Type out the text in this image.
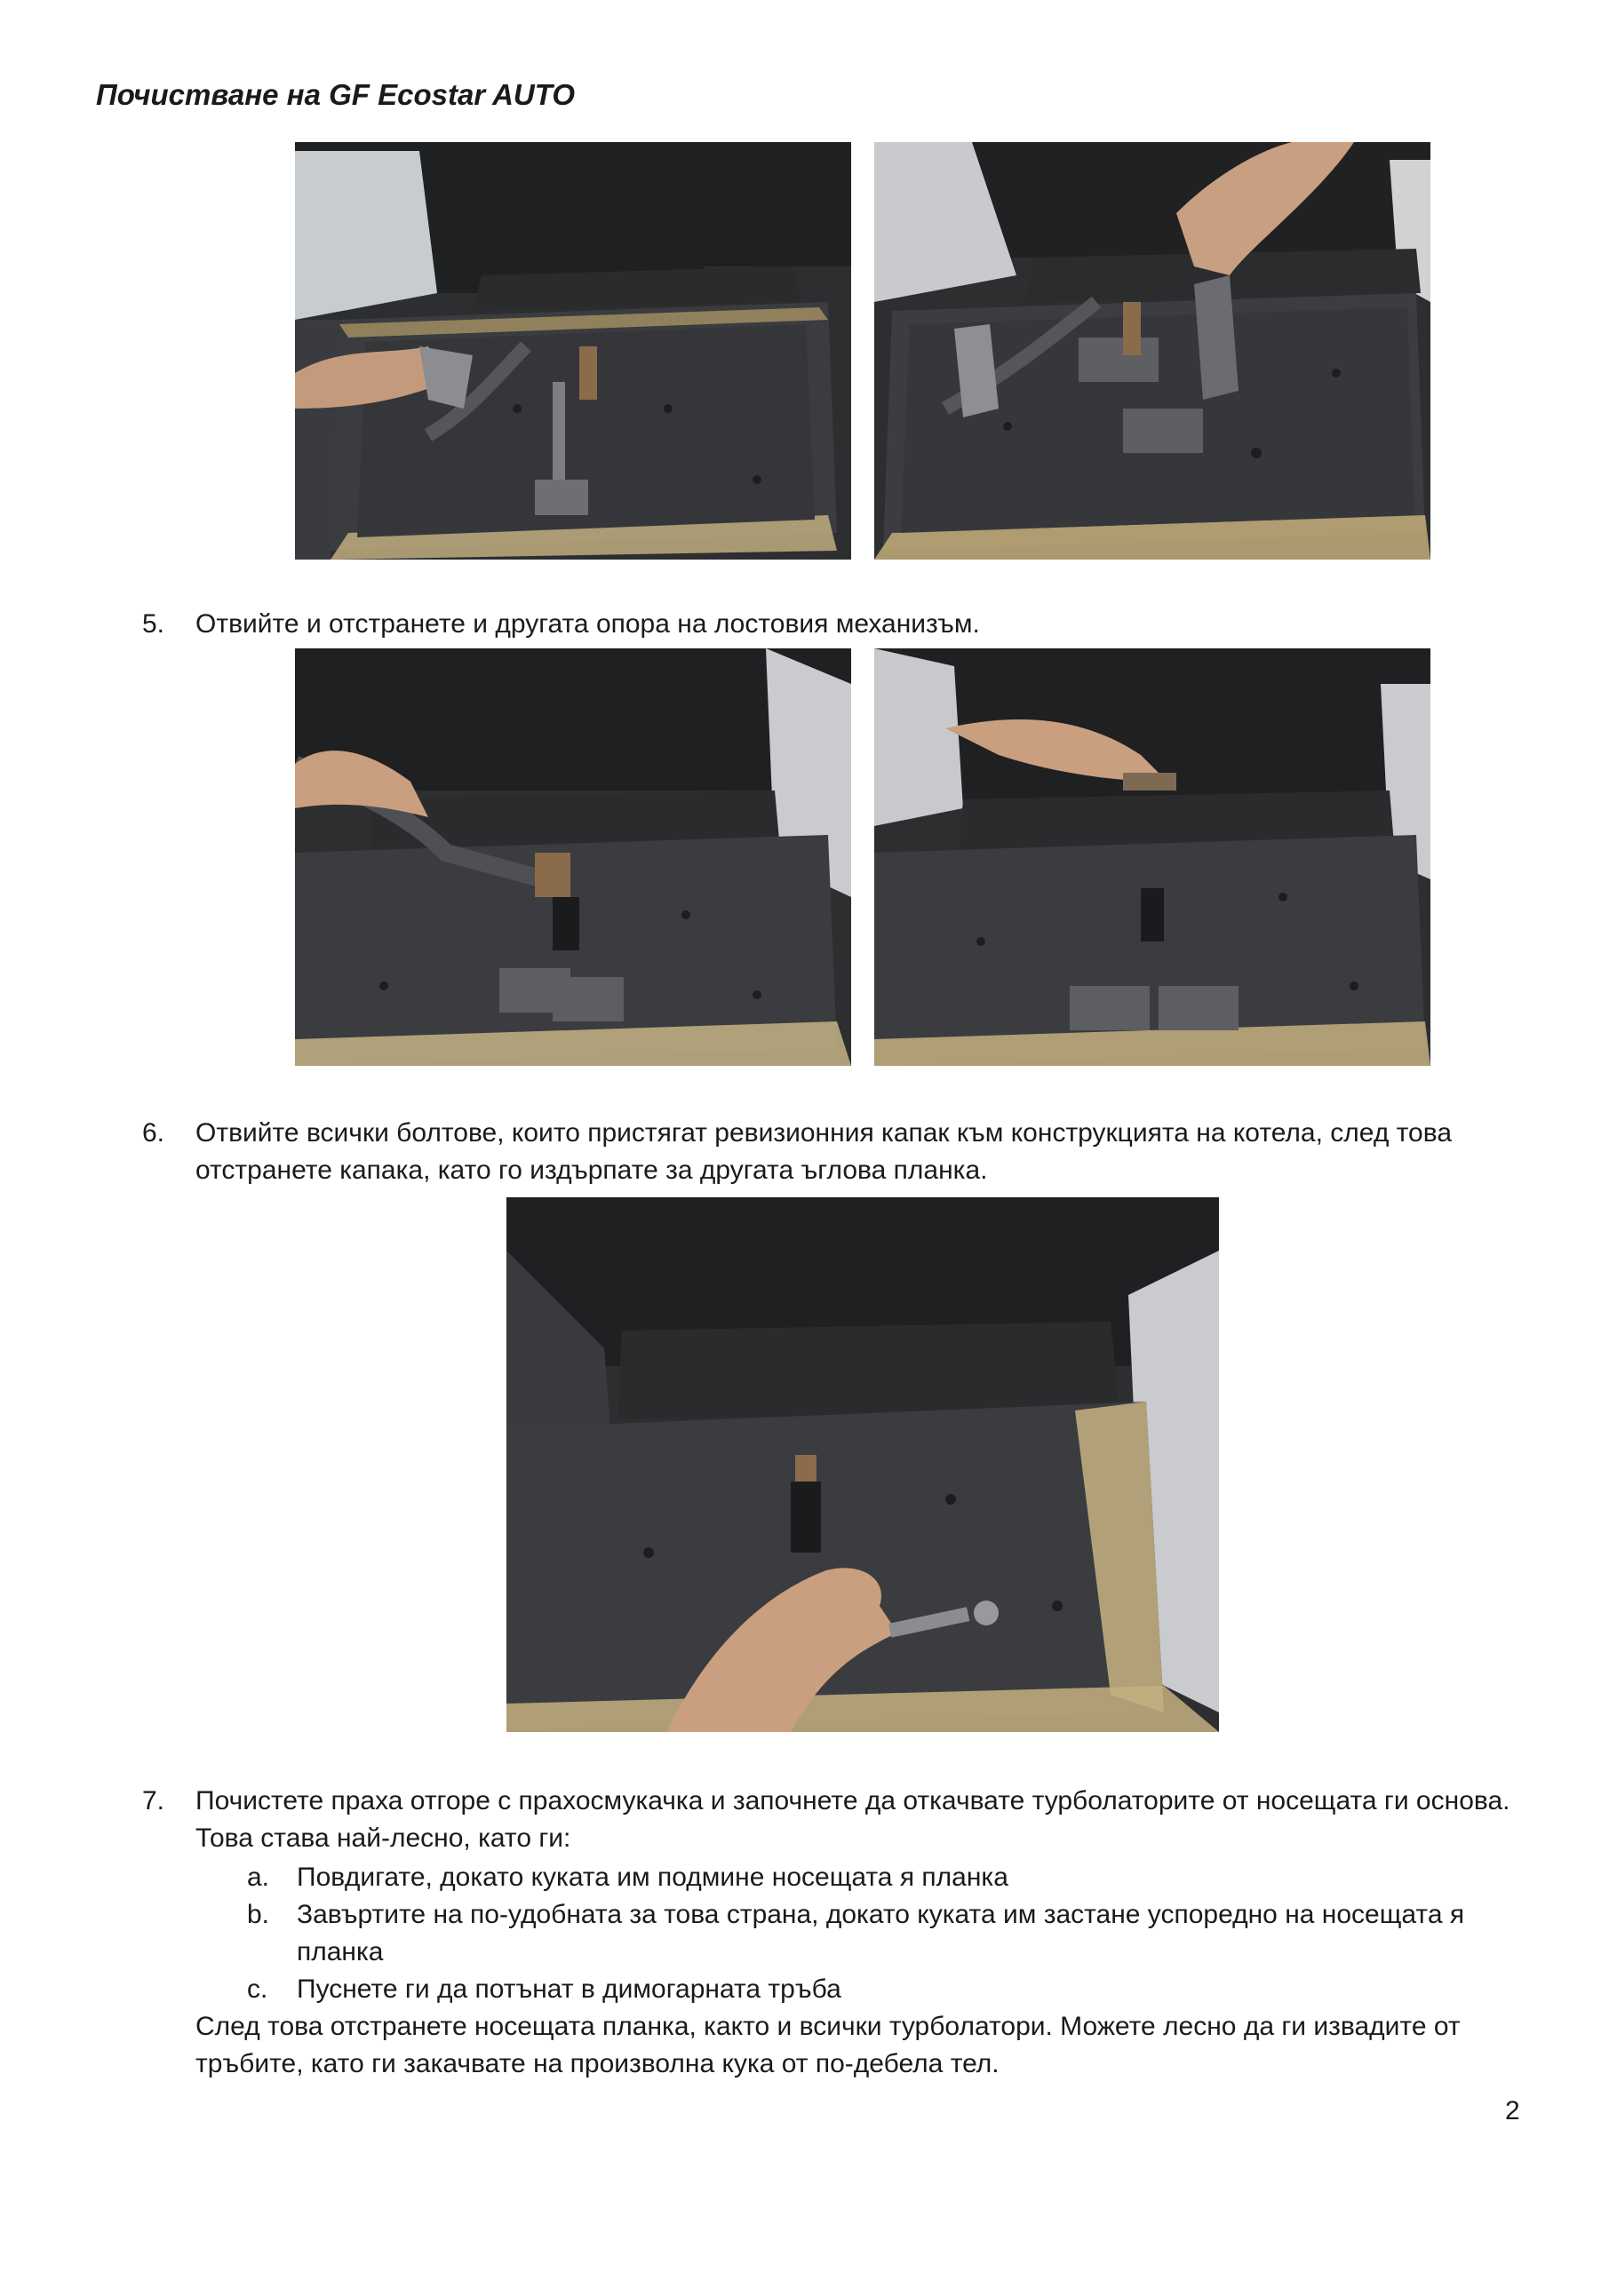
Почистване на GF Ecostar AUTO
5.	Отвийте и отстранете и другата опора на лостовия механизъм.
6.	Отвийте всички болтове, които пристягат ревизионния капак към конструкцията на котела, след това отстранете капака, като го издърпате за другата ъглова планка.
7.	Почистете праха отгоре с прахосмукачка и започнете да откачвате турболаторите от носещата ги основа. Това става най-лесно, като ги:
a.	Повдигате, докато куката им подмине носещата я планка
b.	Завъртите на по-удобната за това страна, докато куката им застане успоредно на носещата я планка
c.	Пуснете ги да потънат в димогарната тръба
След това отстранете носещата планка, както и всички турболатори. Можете лесно да ги извадите от тръбите, като ги закачвате на произволна кука от по-дебела тел.
2
